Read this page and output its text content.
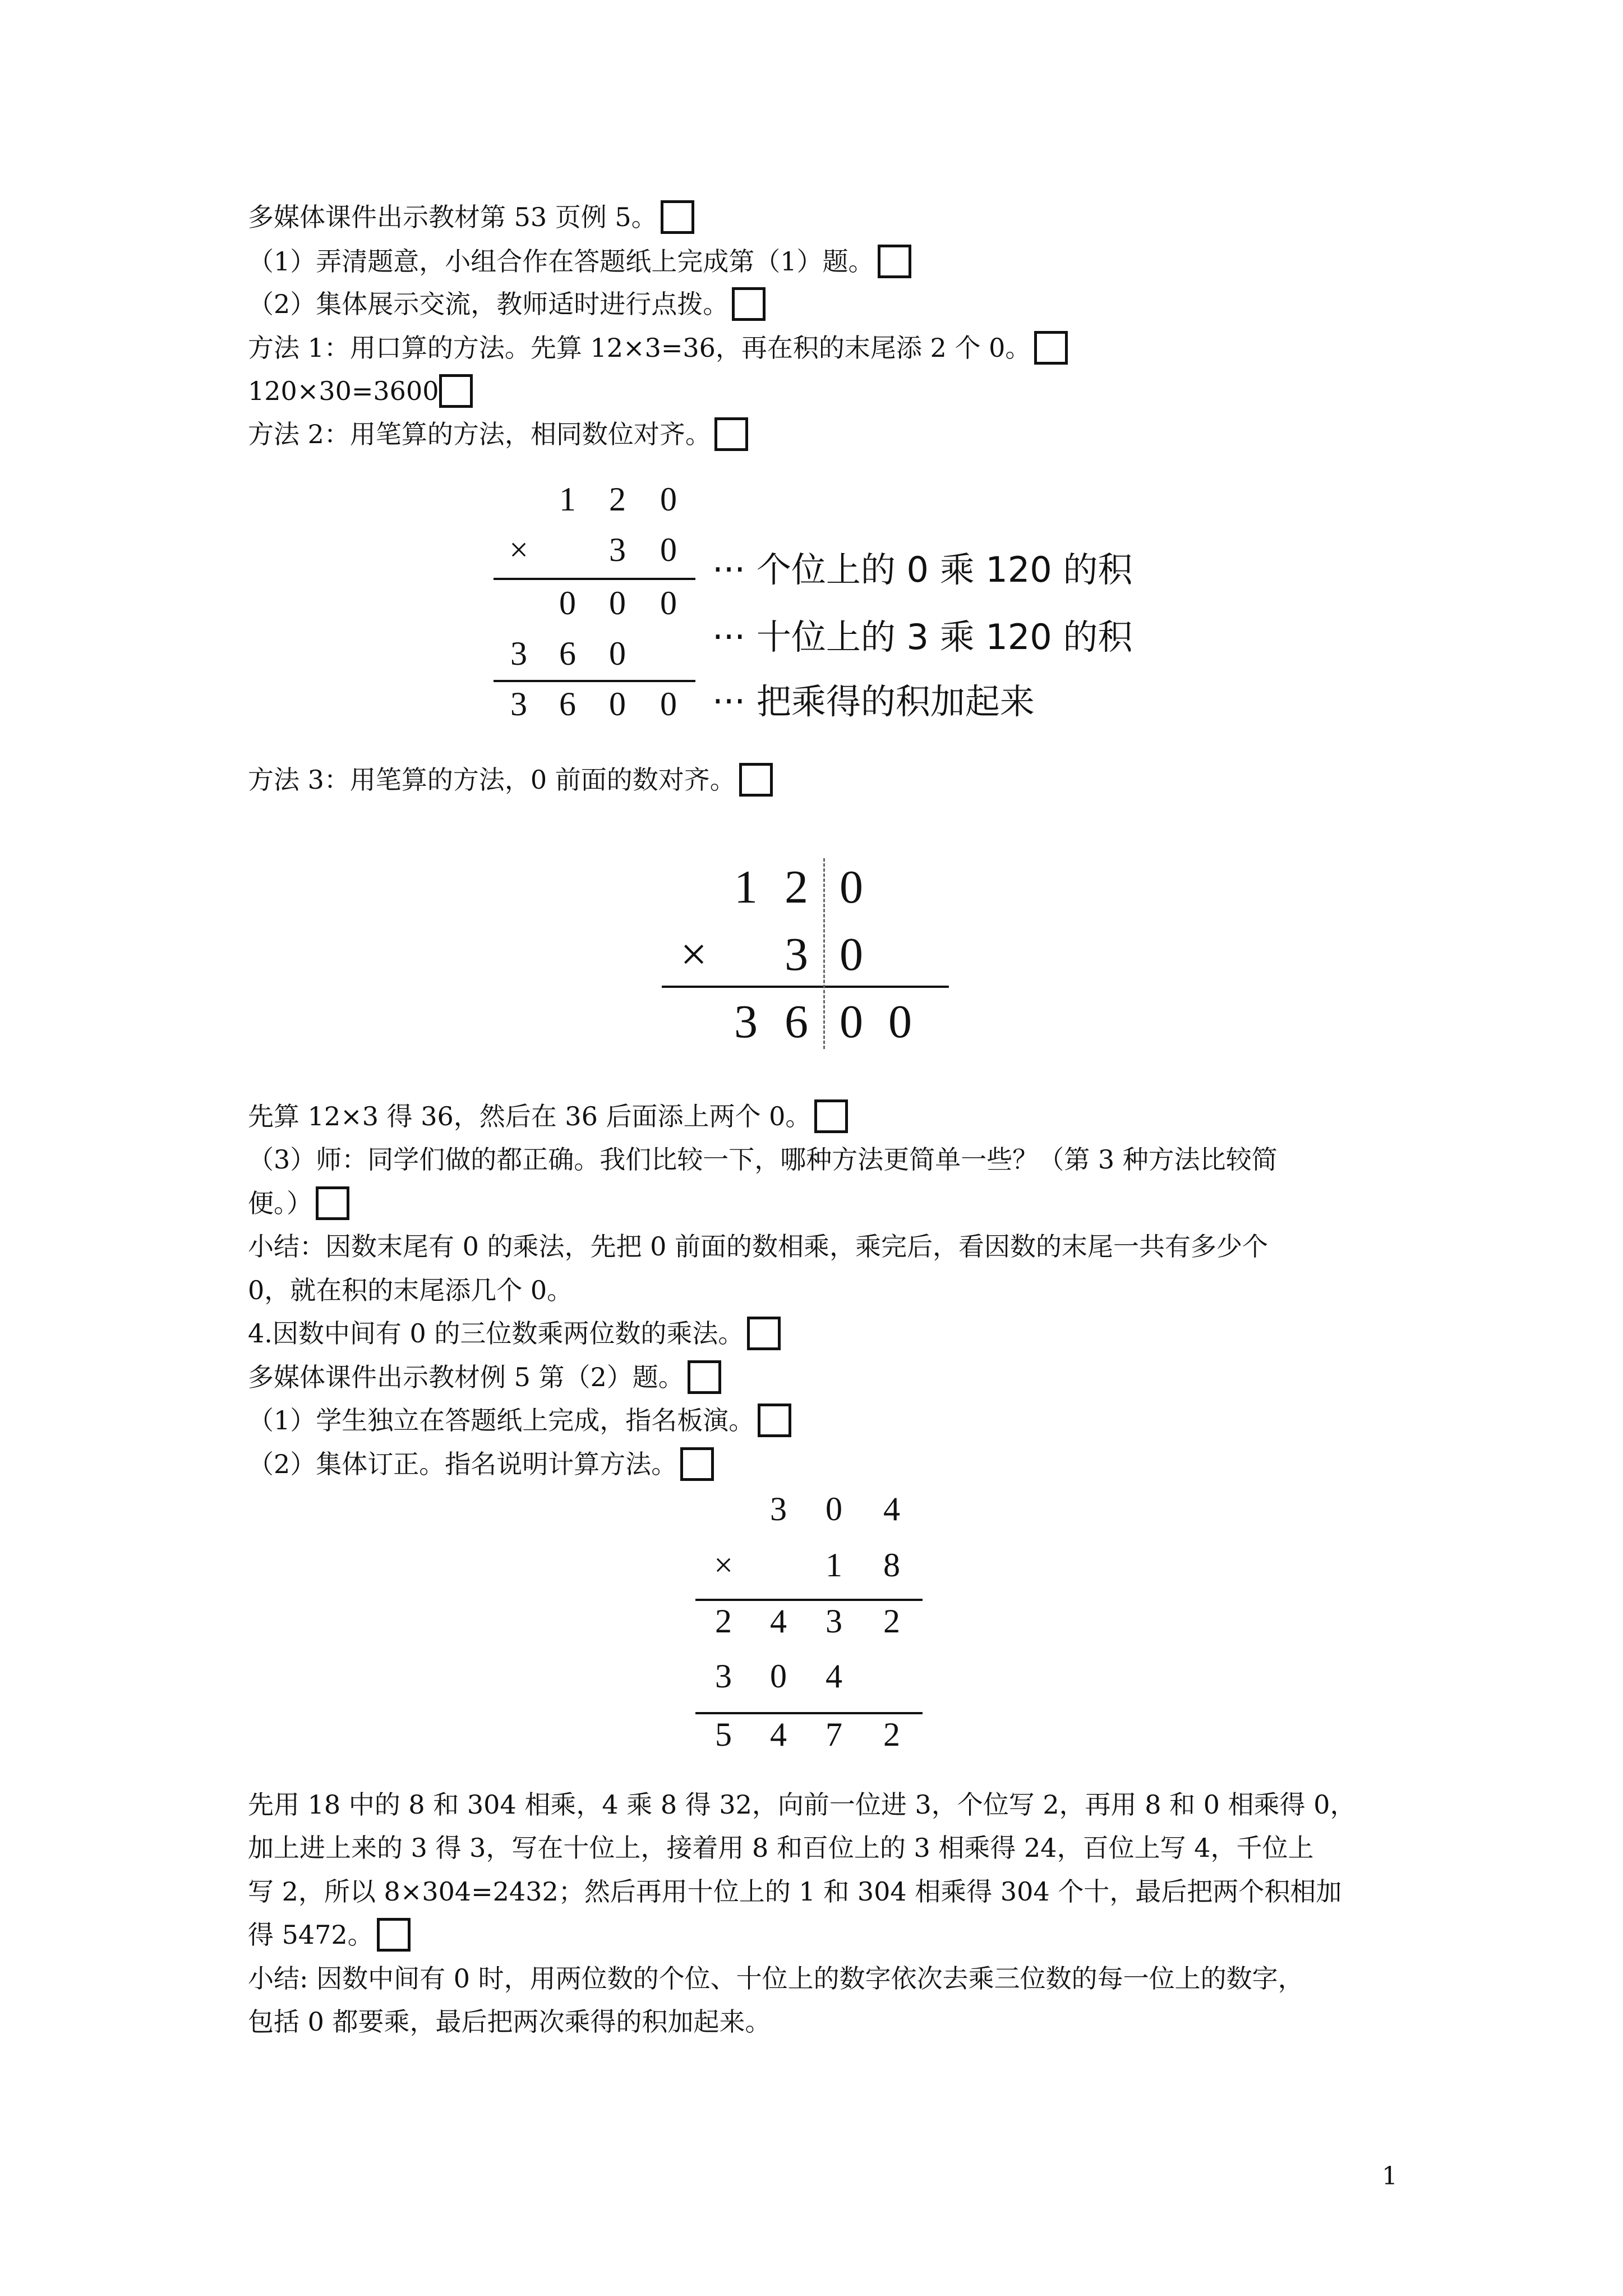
多媒体课件出示教材第 53 页例 5。
（1）弄清题意，小组合作在答题纸上完成第（1）题。
（2）集体展示交流，教师适时进行点拨。
方法 1：用口算的方法。先算 12×3=36，再在积的末尾添 2 个 0。
120×30=3600
方法 2：用笔算的方法，相同数位对齐。
1 2 0
× 3 0
0 0 0
3 6 0
3 6 0 0
··· 个位上的 0 乘 120 的积
··· 十位上的 3 乘 120 的积
··· 把乘得的积加起来
方法 3：用笔算的方法，0 前面的数对齐。
1 2 0
× 3 0
3 6 0 0
先算 12×3 得 36，然后在 36 后面添上两个 0。
（3）师：同学们做的都正确。我们比较一下，哪种方法更简单一些？（第 3 种方法比较简
便。）
小结：因数末尾有 0 的乘法，先把 0 前面的数相乘，乘完后，看因数的末尾一共有多少个
0，就在积的末尾添几个 0。
4.因数中间有 0 的三位数乘两位数的乘法。
多媒体课件出示教材例 5 第（2）题。
（1）学生独立在答题纸上完成，指名板演。
（2）集体订正。指名说明计算方法。
3 0 4
×	1 8
2 4 3 2
3 0 4
5 4 7 2
先用 18 中的 8 和 304 相乘，4 乘 8 得 32，向前一位进 3，个位写 2，再用 8 和 0 相乘得 0，
加上进上来的 3 得 3，写在十位上，接着用 8 和百位上的 3 相乘得 24，百位上写 4，千位上
写 2，所以 8×304=2432；然后再用十位上的 1 和 304 相乘得 304 个十，最后把两个积相加
得 5472。
小结: 因数中间有 0 时，用两位数的个位、十位上的数字依次去乘三位数的每一位上的数字，
包括 0 都要乘，最后把两次乘得的积加起来。
1
